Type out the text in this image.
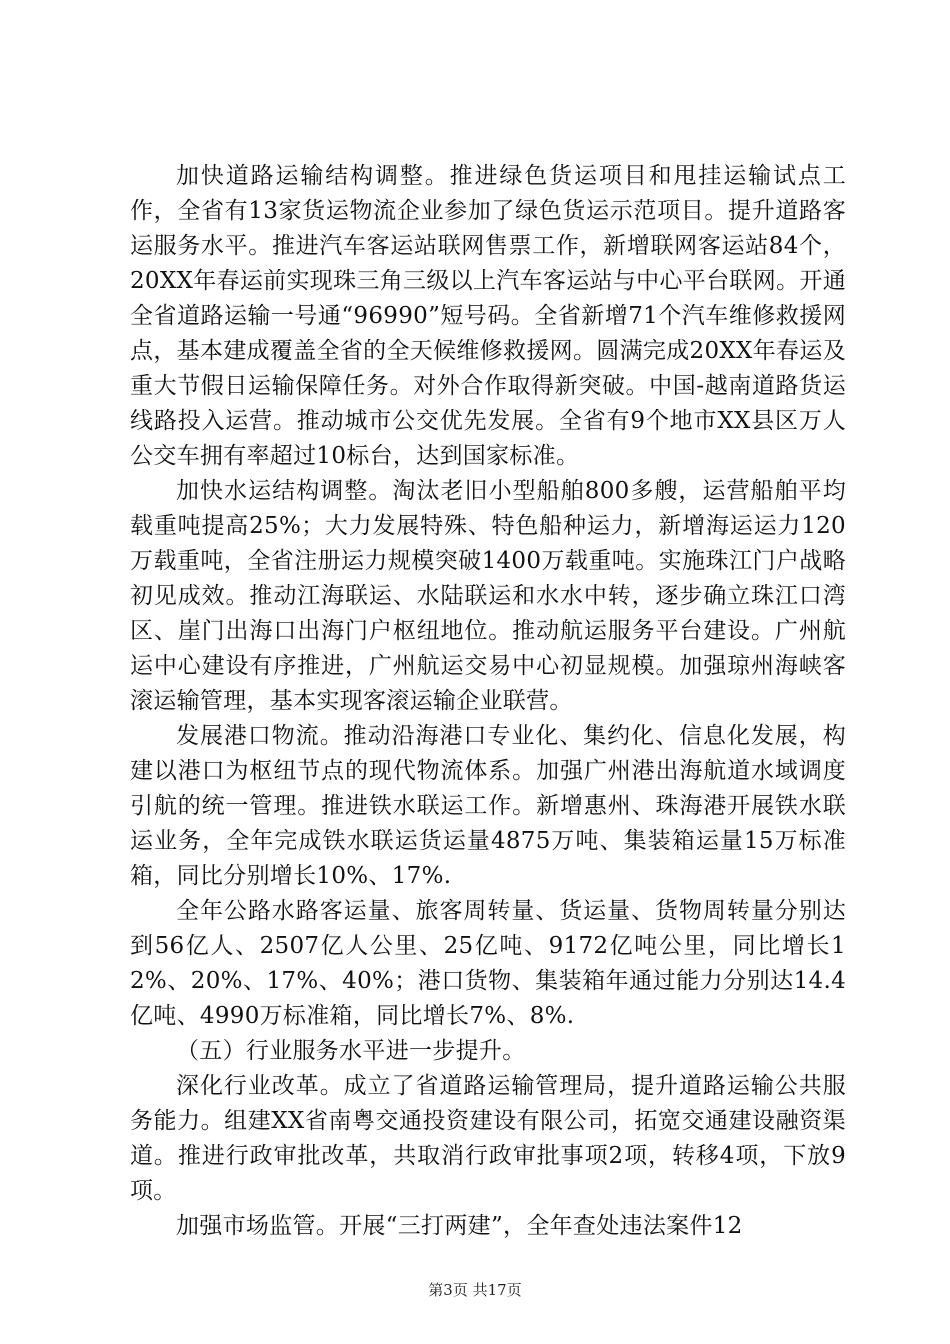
加快道路运输结构调整。推进绿色货运项目和甩挂运输试点工作，全省有13家货运物流企业参加了绿色货运示范项目。提升道路客运服务水平。推进汽车客运站联网售票工作，新增联网客运站84个，20XX年春运前实现珠三角三级以上汽车客运站与中心平台联网。开通全省道路运输一号通“96990”短号码。全省新增71个汽车维修救援网点，基本建成覆盖全省的全天候维修救援网。圆满完成20XX年春运及重大节假日运输保障任务。对外合作取得新突破。中国-越南道路货运线路投入运营。推动城市公交优先发展。全省有9个地市XX县区万人公交车拥有率超过10标台，达到国家标准。

加快水运结构调整。淘汰老旧小型船舶800多艘，运营船舶平均载重吨提高25%；大力发展特殊、特色船种运力，新增海运运力120万载重吨，全省注册运力规模突破1400万载重吨。实施珠江门户战略初见成效。推动江海联运、水陆联运和水水中转，逐步确立珠江口湾区、崖门出海口出海门户枢纽地位。推动航运服务平台建设。广州航运中心建设有序推进，广州航运交易中心初显规模。加强琼州海峡客滚运输管理，基本实现客滚运输企业联营。

发展港口物流。推动沿海港口专业化、集约化、信息化发展，构建以港口为枢纽节点的现代物流体系。加强广州港出海航道水域调度引航的统一管理。推进铁水联运工作。新增惠州、珠海港开展铁水联运业务，全年完成铁水联运货运量4875万吨、集装箱运量15万标准箱，同比分别增长10%、17%.

全年公路水路客运量、旅客周转量、货运量、货物周转量分别达到56亿人、2507亿人公里、25亿吨、9172亿吨公里，同比增长12%、20%、17%、40%；港口货物、集装箱年通过能力分别达14.4亿吨、4990万标准箱，同比增长7%、8%.

（五）行业服务水平进一步提升。

深化行业改革。成立了省道路运输管理局，提升道路运输公共服务能力。组建XX省南粤交通投资建设有限公司，拓宽交通建设融资渠道。推进行政审批改革，共取消行政审批事项2项，转移4项，下放9项。

加强市场监管。开展“三打两建”，全年查处违法案件12

第3页 共17页
